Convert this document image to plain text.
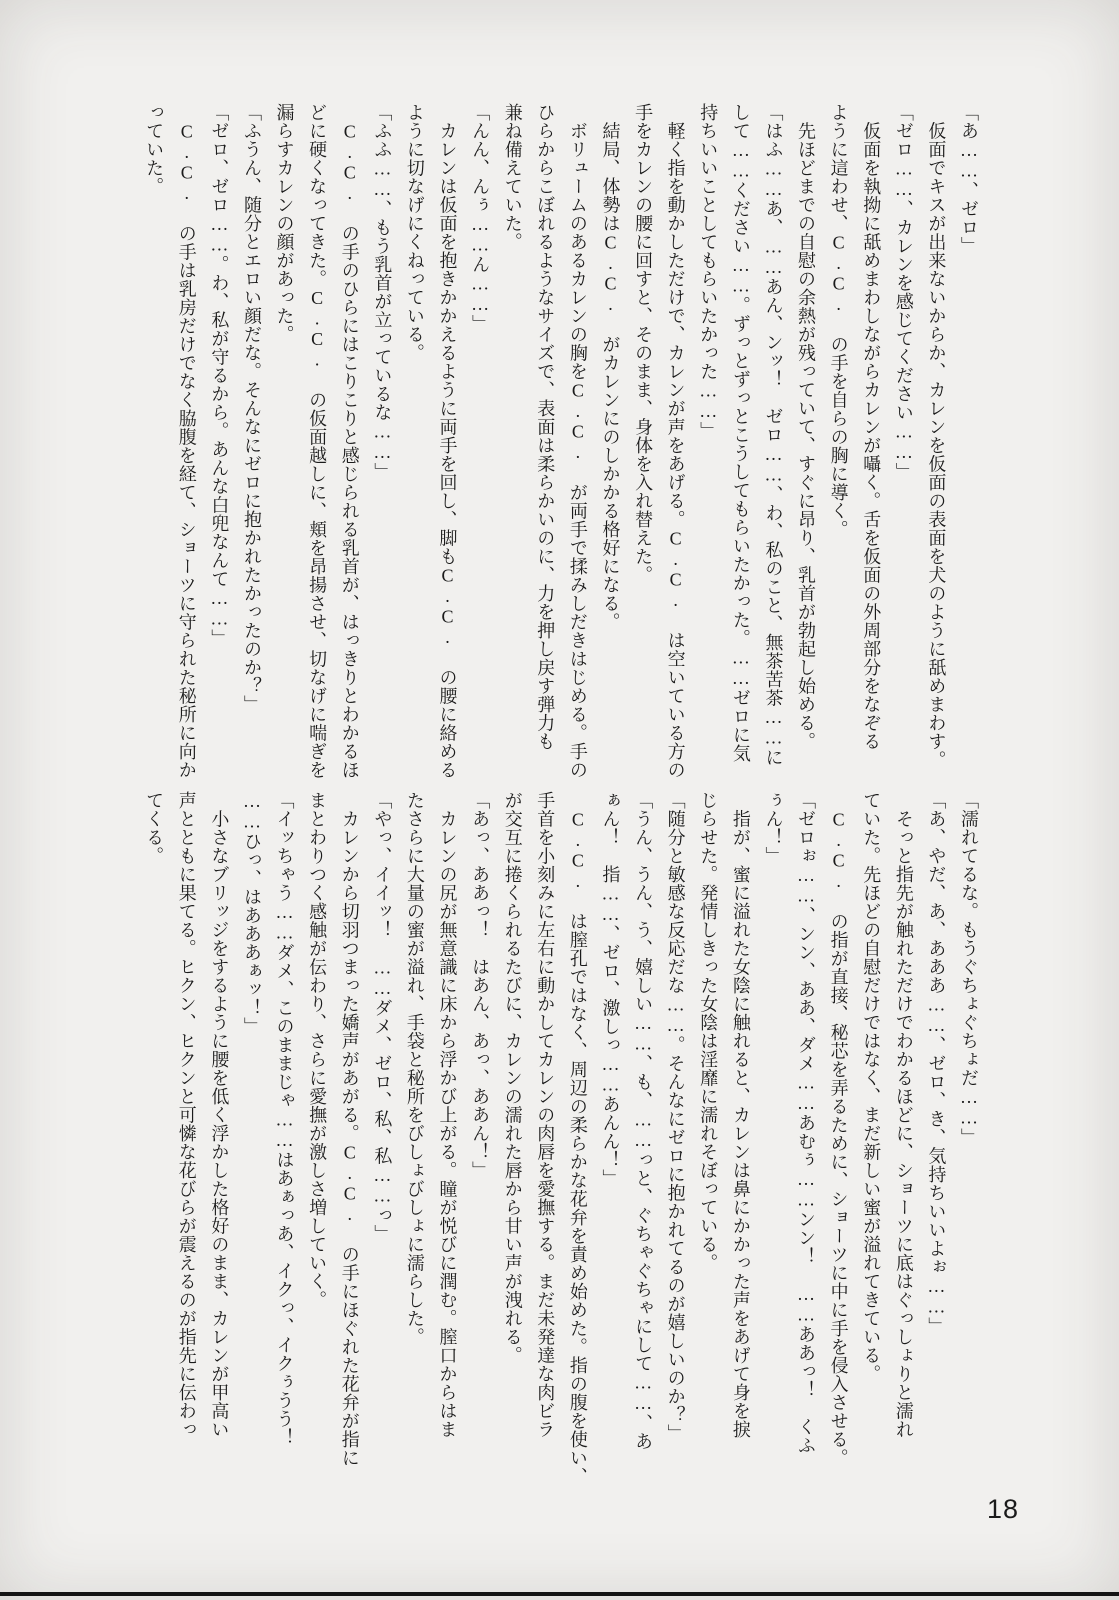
「あ……、ゼロ」
　仮面でキスが出来ないからか、カレンを仮面の表面を犬のように舐めまわす。
「ゼロ……、カレンを感じてください……」
　仮面を執拗に舐めまわしながらカレンが囁く。舌を仮面の外周部分をなぞる
ように這わせ、C.C. の手を自らの胸に導く。
　先ほどまでの自慰の余熱が残っていて、すぐに昂り、乳首が勃起し始める。
「はふ……あ、……あん、ンッ！　ゼロ……、わ、私のこと、無茶苦茶……に
して……ください……。ずっとずっとこうしてもらいたかった。……ゼロに気
持ちいいことしてもらいたかった……」
　軽く指を動かしただけで、カレンが声をあげる。C.C. は空いている方の
手をカレンの腰に回すと、そのまま、身体を入れ替えた。
　結局、体勢はC.C. がカレンにのしかかる格好になる。
　ボリュームのあるカレンの胸をC.C. が両手で揉みしだきはじめる。手の
ひらからこぼれるようなサイズで、表面は柔らかいのに、力を押し戻す弾力も
兼ね備えていた。
「んん、んぅ……ん……」
　カレンは仮面を抱きかかえるように両手を回し、脚もC.C. の腰に絡める
ように切なげにくねっている。
「ふふ……、もう乳首が立っているな……」
　C.C. の手のひらにはこりこりと感じられる乳首が、はっきりとわかるほ
どに硬くなってきた。C.C. の仮面越しに、頬を昂揚させ、切なげに喘ぎを
漏らすカレンの顔があった。
「ふうん、随分とエロい顔だな。そんなにゼロに抱かれたかったのか？」
「ゼロ、ゼロ……。わ、私が守るから。あんな白兜なんて……」
　C.C. の手は乳房だけでなく脇腹を経て、ショーツに守られた秘所に向か
っていた。
「濡れてるな。もうぐちょぐちょだ……」
「あ、やだ、あ、あああ……、ゼロ、き、気持ちいいよぉ……」
　そっと指先が触れただけでわかるほどに、ショーツに底はぐっしょりと濡れ
ていた。先ほどの自慰だけではなく、まだ新しい蜜が溢れてきている。
　C.C. の指が直接、秘芯を弄るために、ショーツに中に手を侵入させる。
「ゼロぉ……、ンン、ああ、ダメ……あむぅ……ンン！　……ああっ！　くふ
ぅん！」
　指が、蜜に溢れた女陰に触れると、カレンは鼻にかかった声をあげて身を捩
じらせた。発情しきった女陰は淫靡に濡れそぼっている。
「随分と敏感な反応だな……。そんなにゼロに抱かれてるのが嬉しいのか？」
「うん、うん、う、嬉しい……、も、……っと、ぐちゃぐちゃにして……、あ
ぁん！　指……、ゼロ、激しっ……あんん！」
　C.C. は膣孔ではなく、周辺の柔らかな花弁を責め始めた。指の腹を使い、
手首を小刻みに左右に動かしてカレンの肉唇を愛撫する。まだ未発達な肉ビラ
が交互に捲くられるたびに、カレンの濡れた唇から甘い声が洩れる。
「あっ、ああっ！　はあん、あっ、ああん！」
　カレンの尻が無意識に床から浮かび上がる。瞳が悦びに潤む。膣口からはま
たさらに大量の蜜が溢れ、手袋と秘所をびしょびしょに濡らした。
「やっ、イイッ！　……ダメ、ゼロ、私、私……っ」
　カレンから切羽つまった嬌声があがる。C.C. の手にほぐれた花弁が指に
まとわりつく感触が伝わり、さらに愛撫が激しさ増していく。
「イッちゃう……ダメ、このままじゃ……はあぁっあ、イクっ、イクぅうう！
……ひっ、はあああぁッ！」
　小さなブリッジをするように腰を低く浮かした格好のまま、カレンが甲高い
声とともに果てる。ヒクン、ヒクンと可憐な花びらが震えるのが指先に伝わっ
てくる。
18
